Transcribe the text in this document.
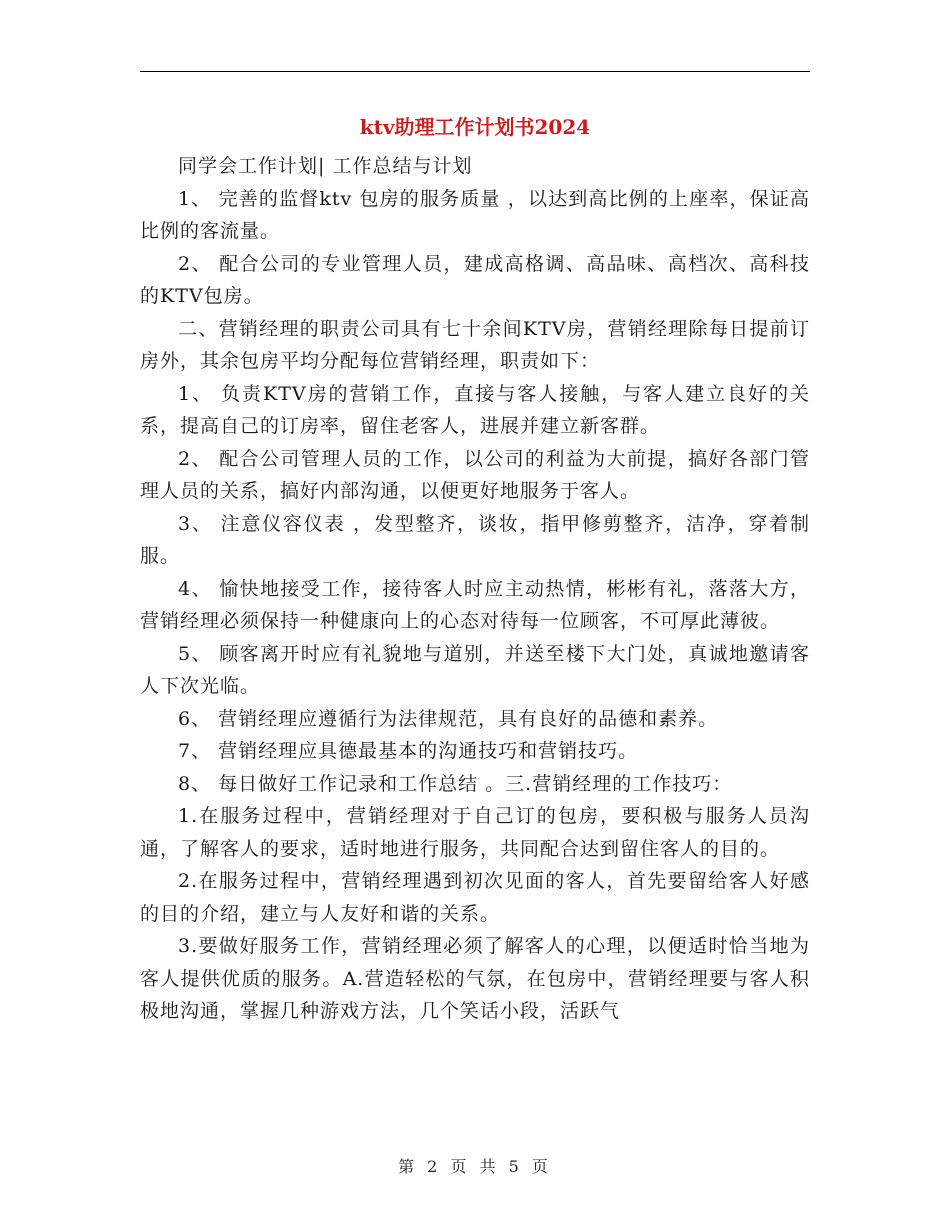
ktv助理工作计划书2024

同学会工作计划| 工作总结与计划

1、 完善的监督ktv 包房的服务质量 ，以达到高比例的上座率，保证高比例的客流量。

2、 配合公司的专业管理人员，建成高格调、高品味、高档次、高科技的KTV包房。

二、营销经理的职责公司具有七十余间KTV房，营销经理除每日提前订房外，其余包房平均分配每位营销经理，职责如下：

1、 负责KTV房的营销工作，直接与客人接触，与客人建立良好的关系，提高自己的订房率，留住老客人，进展并建立新客群。

2、 配合公司管理人员的工作，以公司的利益为大前提，搞好各部门管理人员的关系，搞好内部沟通，以便更好地服务于客人。

3、 注意仪容仪表 ，发型整齐，谈妆，指甲修剪整齐，洁净，穿着制服。

4、 愉快地接受工作，接待客人时应主动热情，彬彬有礼，落落大方，营销经理必须保持一种健康向上的心态对待每一位顾客，不可厚此薄彼。

5、 顾客离开时应有礼貌地与道别，并送至楼下大门处，真诚地邀请客人下次光临。

6、 营销经理应遵循行为法律规范，具有良好的品德和素养。

7、 营销经理应具德最基本的沟通技巧和营销技巧。

8、 每日做好工作记录和工作总结 。三.营销经理的工作技巧：

1.在服务过程中，营销经理对于自己订的包房，要积极与服务人员沟通，了解客人的要求，适时地进行服务，共同配合达到留住客人的目的。

2.在服务过程中，营销经理遇到初次见面的客人，首先要留给客人好感的目的介绍，建立与人友好和谐的关系。

3.要做好服务工作，营销经理必须了解客人的心理，以便适时恰当地为客人提供优质的服务。A.营造轻松的气氛，在包房中，营销经理要与客人积极地沟通，掌握几种游戏方法，几个笑话小段，活跃气

第 2 页 共 5 页
